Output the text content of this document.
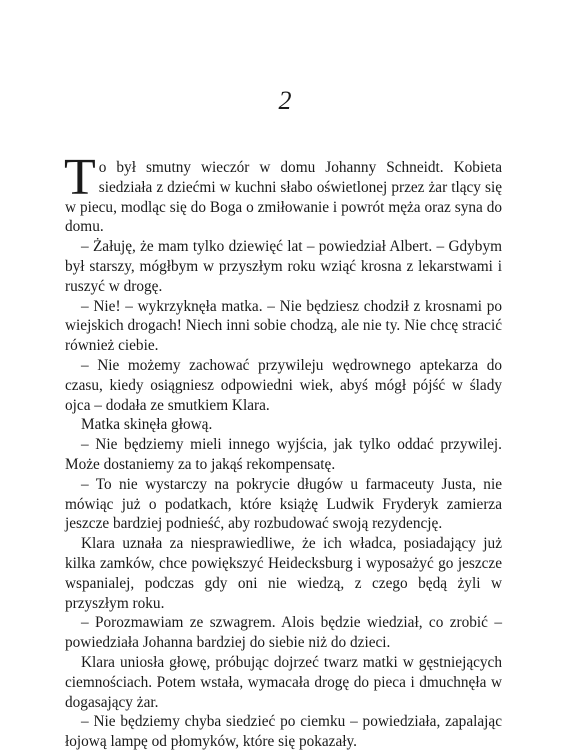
2

To był smutny wieczór w domu Johanny Schneidt. Kobieta siedziała z dziećmi w kuchni słabo oświetlonej przez żar tlący się w piecu, modląc się do Boga o zmiłowanie i powrót męża oraz syna do domu.

– Żałuję, że mam tylko dziewięć lat – powiedział Albert. – Gdybym był starszy, mógłbym w przyszłym roku wziąć krosna z lekarstwami i ruszyć w drogę.

– Nie! – wykrzyknęła matka. – Nie będziesz chodził z krosnami po wiejskich drogach! Niech inni sobie chodzą, ale nie ty. Nie chcę stracić również ciebie.

– Nie możemy zachować przywileju wędrownego aptekarza do czasu, kiedy osiągniesz odpowiedni wiek, abyś mógł pójść w ślady ojca – dodała ze smutkiem Klara.

Matka skinęła głową.

– Nie będziemy mieli innego wyjścia, jak tylko oddać przywilej. Może dostaniemy za to jakąś rekompensatę.

– To nie wystarczy na pokrycie długów u farmaceuty Justa, nie mówiąc już o podatkach, które książę Ludwik Fryderyk zamierza jeszcze bardziej podnieść, aby rozbudować swoją rezydencję.

Klara uznała za niesprawiedliwe, że ich władca, posiadający już kilka zamków, chce powiększyć Heidecksburg i wyposażyć go jeszcze wspanialej, podczas gdy oni nie wiedzą, z czego będą żyli w przyszłym roku.

– Porozmawiam ze szwagrem. Alois będzie wiedział, co zrobić – powiedziała Johanna bardziej do siebie niż do dzieci.

Klara uniosła głowę, próbując dojrzeć twarz matki w gęstniejących ciemnościach. Potem wstała, wymacała drogę do pieca i dmuchnęła w dogasający żar.

– Nie będziemy chyba siedzieć po ciemku – powiedziała, zapalając łojową lampę od płomyków, które się pokazały.
